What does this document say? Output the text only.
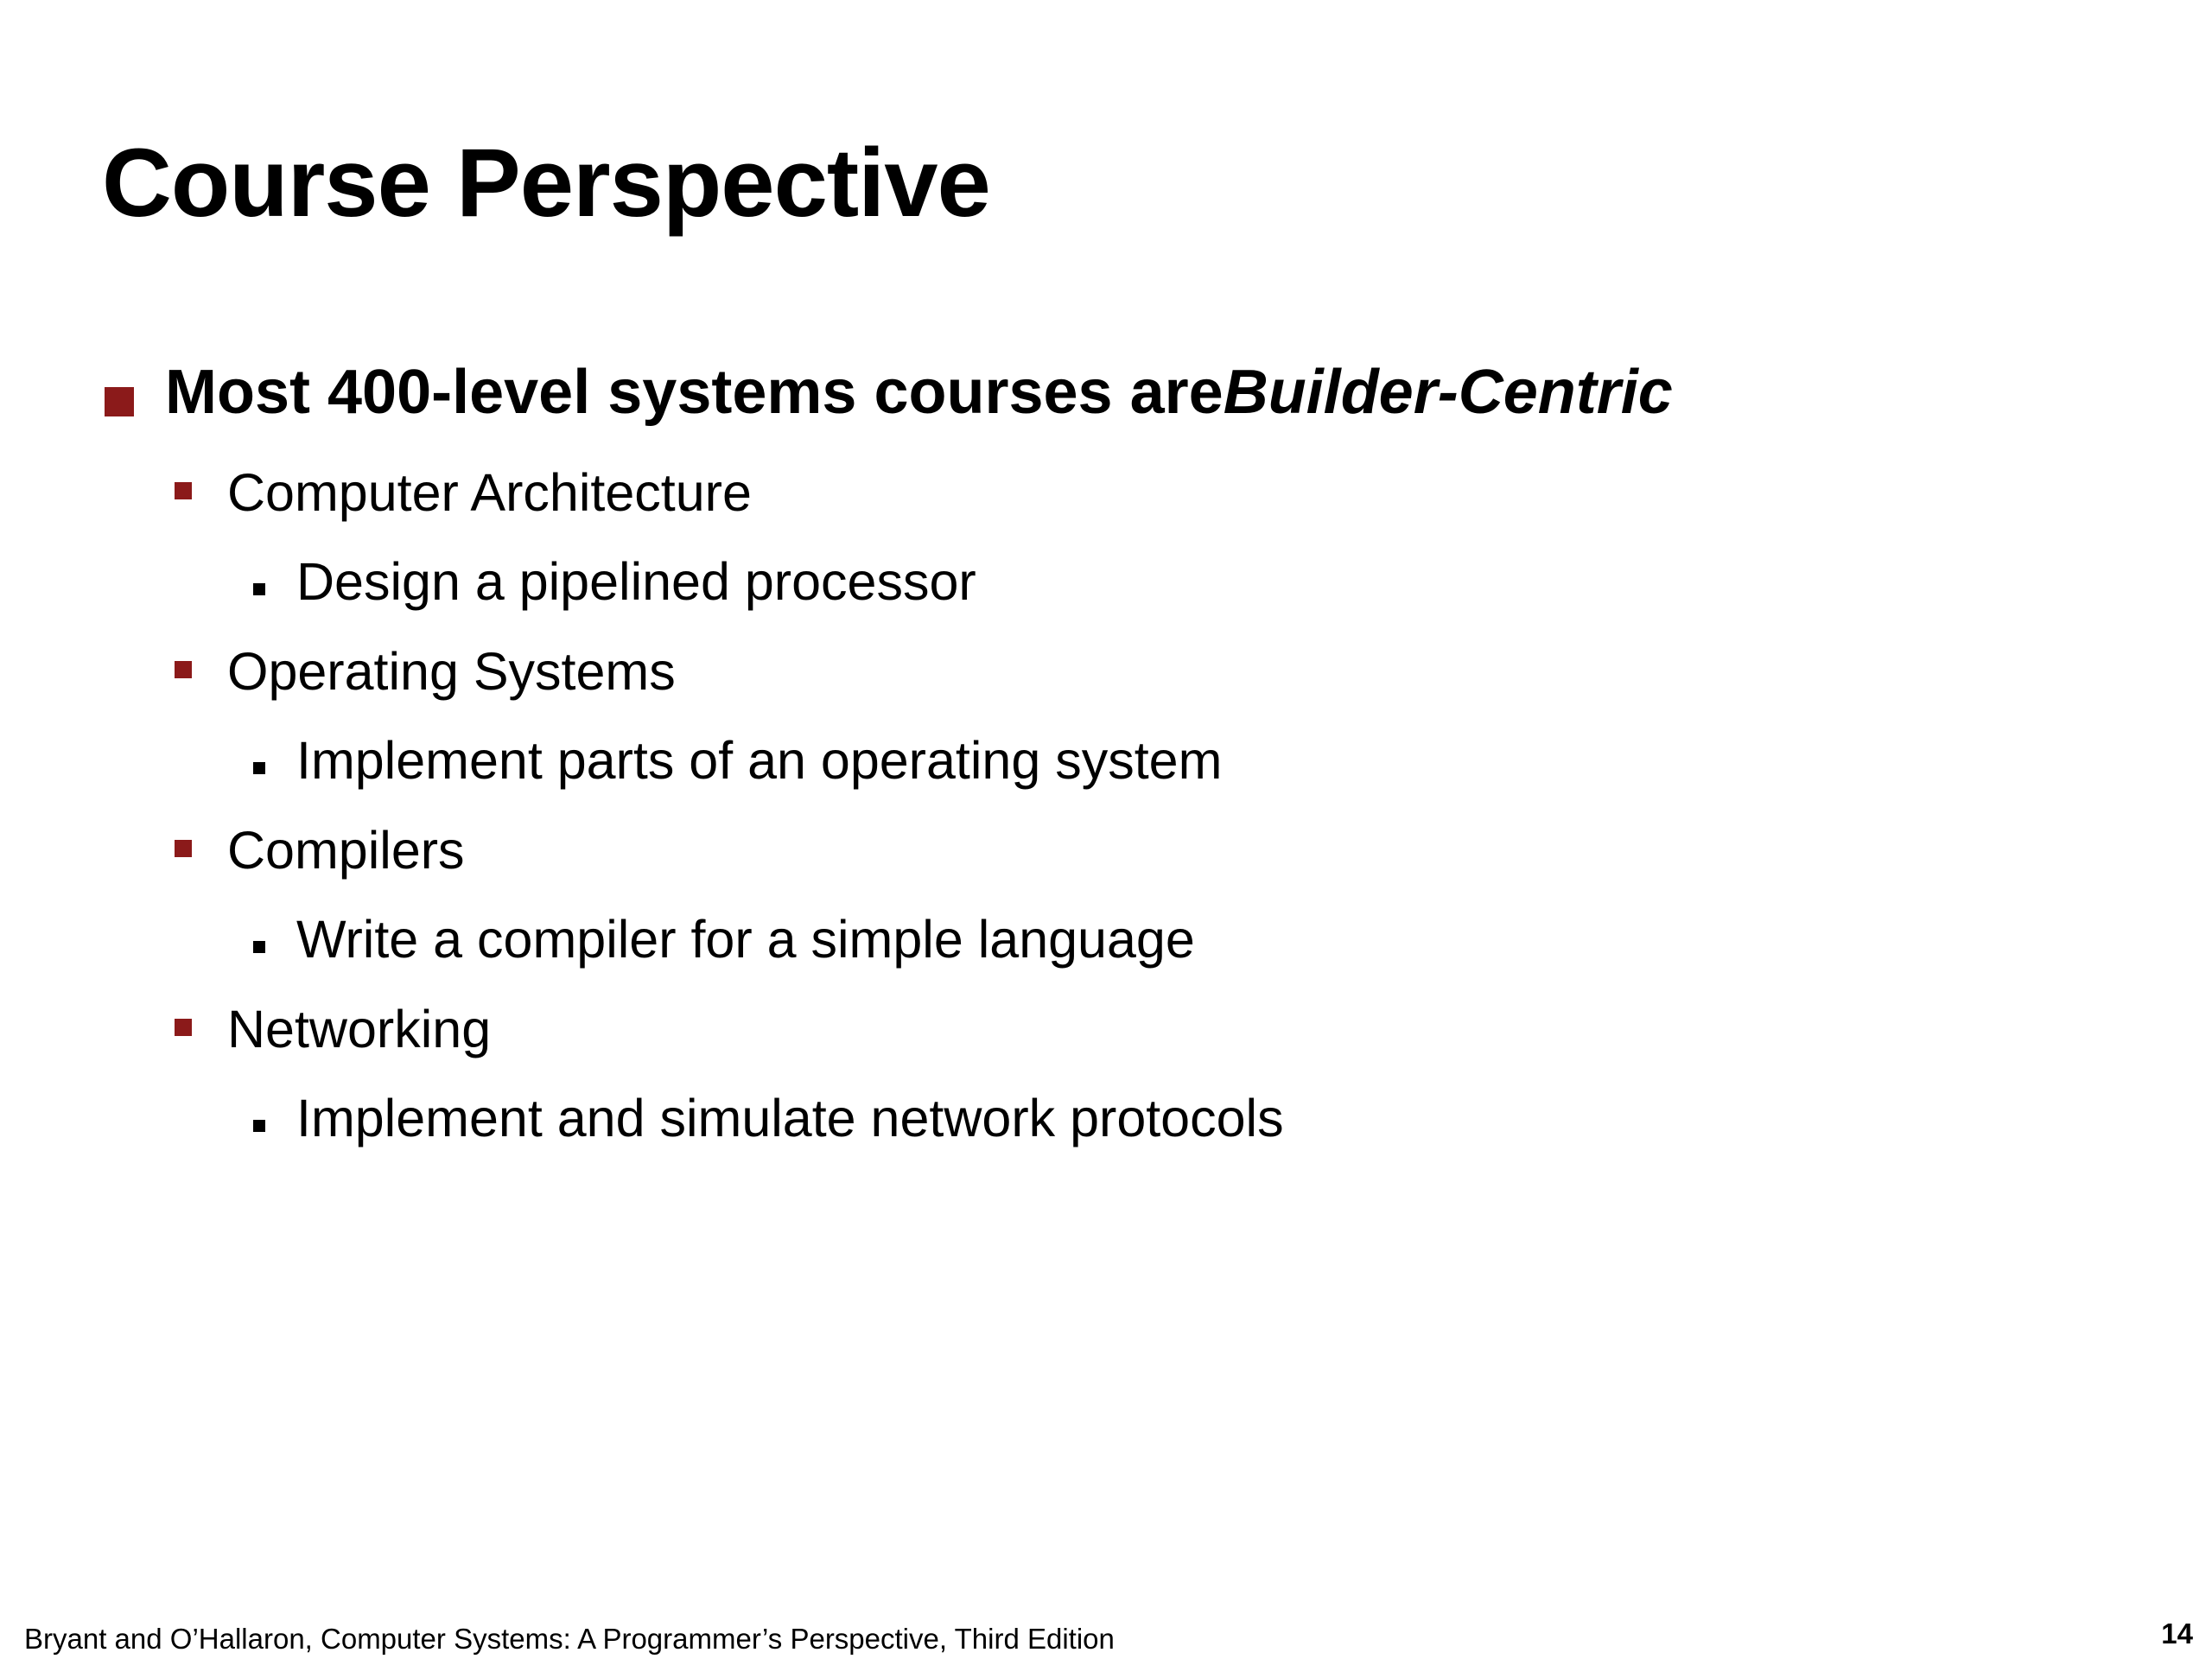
Course Perspective
Most 400-level systems courses areBuilder-Centric
Computer Architecture
Design a pipelined processor
Operating Systems
Implement parts of an operating system
Compilers
Write a compiler for a simple language
Networking
Implement and simulate network protocols
Bryant and O’Hallaron, Computer Systems: A Programmer’s Perspective, Third Edition	14
